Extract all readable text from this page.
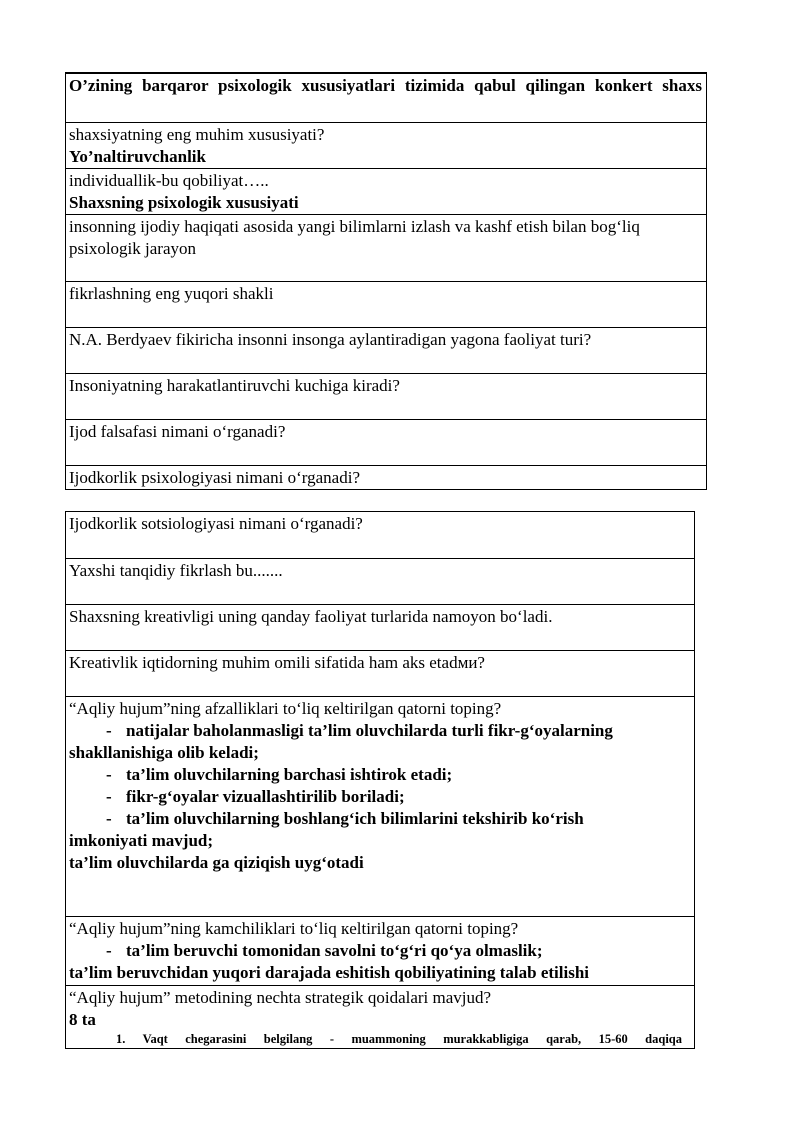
O’zining barqaror psixologik xususiyatlari tizimida qabul qilingan konkert shaxs
shaxsiyatning eng muhim xususiyati?
Yo’naltiruvchanlik
individuallik-bu qobiliyat…..
Shaxsning psixologik xususiyati
insonning ijodiy haqiqati asosida yangi bilimlarni izlash va kashf etish bilan bog‘liq psixologik jarayon
fikrlashning eng yuqori shakli
N.A. Berdyaev fikiricha insonni insonga aylantiradigan yagona faoliyat turi?
Insoniyatning harakatlantiruvchi kuchiga kiradi?
Ijod falsafasi nimani o‘rganadi?
Ijodkorlik psixologiyasi nimani o‘rganadi?
Ijodkorlik sotsiologiyasi nimani o‘rganadi?
Yaxshi tanqidiy fikrlash bu.......
Shaxsning kreativligi uning qanday faoliyat turlarida namoyon bo‘ladi.
Kreativlik iqtidorning muhim omili sifatida ham aks etadми?
“Aqliy hujum”ning afzalliklari to‘liq кeltirilgan qatorni toping?
- natijalar baholanmasligi ta’lim oluvchilarda turli fikr-g‘oyalarning
shakllanishiga olib keladi;
- ta’lim oluvchilarning barchasi ishtirok etadi;
- fikr-g‘oyalar vizuallashtirilib boriladi;
- ta’lim oluvchilarning boshlang‘ich bilimlarini tekshirib ko‘rish
imkoniyati mavjud;
ta’lim oluvchilarda ga qiziqish uyg‘otadi
“Aqliy hujum”ning kamchiliklari to‘liq кeltirilgan qatorni toping?
- ta’lim beruvchi tomonidan savolni to‘g‘ri qo‘ya olmaslik;
ta’lim beruvchidan yuqori darajada eshitish qobiliyatining talab etilishi
“Aqliy hujum” metodining nechta strategik qoidalari mavjud?
8 ta
1. Vaqt chegarasini belgilang - muammoning murakkabligiga qarab, 15-60 daqiqa
